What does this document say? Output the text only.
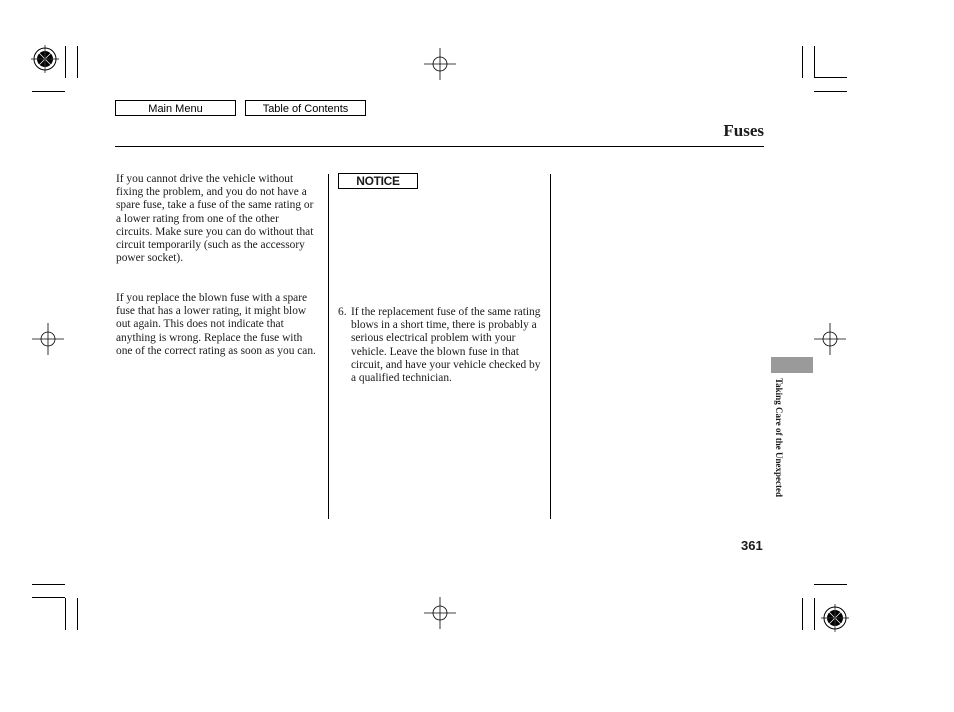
Main Menu	Table of Contents
Fuses

If you cannot drive the vehicle without fixing the problem, and you do not have a spare fuse, take a fuse of the same rating or a lower rating from one of the other circuits. Make sure you can do without that circuit temporarily (such as the accessory power socket).

If you replace the blown fuse with a spare fuse that has a lower rating, it might blow out again. This does not indicate that anything is wrong. Replace the fuse with one of the correct rating as soon as you can.

NOTICE
6. If the replacement fuse of the same rating blows in a short time, there is probably a serious electrical problem with your vehicle. Leave the blown fuse in that circuit, and have your vehicle checked by a qualified technician.	Taking Care of the Unexpected
361
